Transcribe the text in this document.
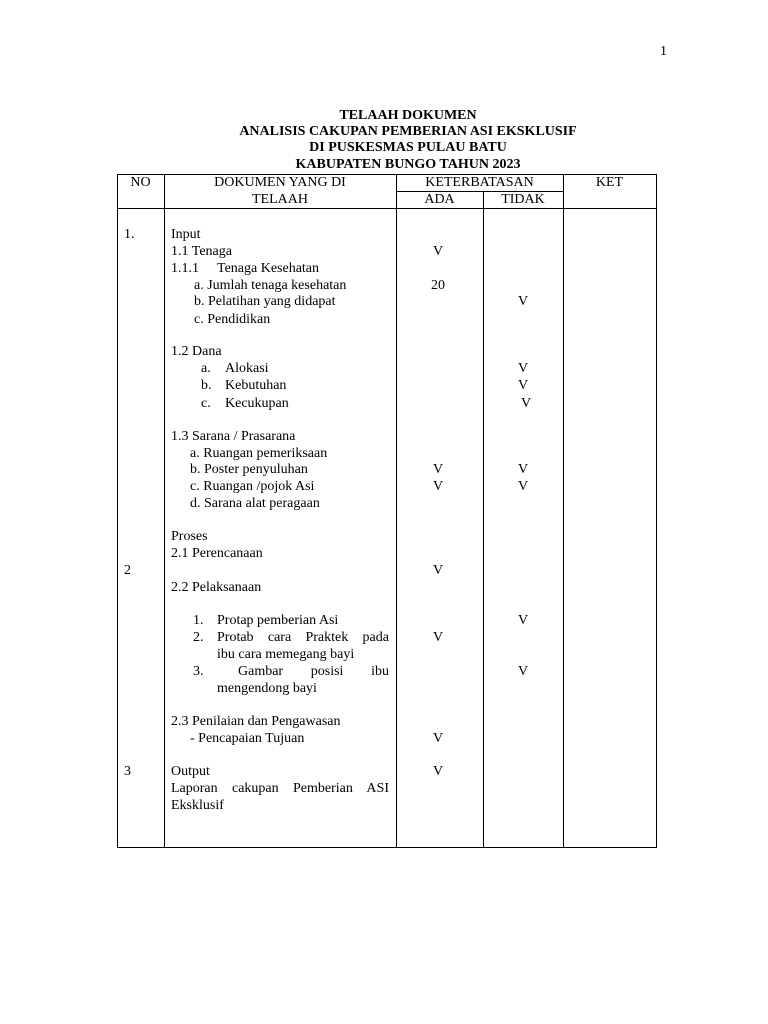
1
TELAAH DOKUMEN
ANALISIS CAKUPAN PEMBERIAN ASI EKSKLUSIF
DI PUSKESMAS PULAU BATU
KABUPATEN BUNGO TAHUN 2023
NO	DOKUMEN YANG DI
TELAAH
KETERBATASAN
ADA	TIDAK
KET
1.
2
3
Input
1.1 Tenaga
1.1.1 Tenaga Kesehatan
a. Jumlah tenaga kesehatan
b. Pelatihan yang didapat
c. Pendidikan
1.2 Dana
a. Alokasi
b. Kebutuhan
c. Kecukupan
1.3 Sarana / Prasarana
a. Ruangan pemeriksaan
b. Poster penyuluhan
c. Ruangan /pojok Asi
d. Sarana alat peragaan
Proses
2.1 Perencanaan
2.2 Pelaksanaan
1. Protap pemberian Asi
2. Protab cara Praktek pada
ibu cara memegang bayi
3. Gambar posisi ibu
mengendong bayi
2.3 Penilaian dan Pengawasan
- Pencapaian Tujuan
Output
Laporan cakupan Pemberian ASI
Eksklusif
V
20
V
V
V
V
V
V
V
V
V
V
V
V
V
V
